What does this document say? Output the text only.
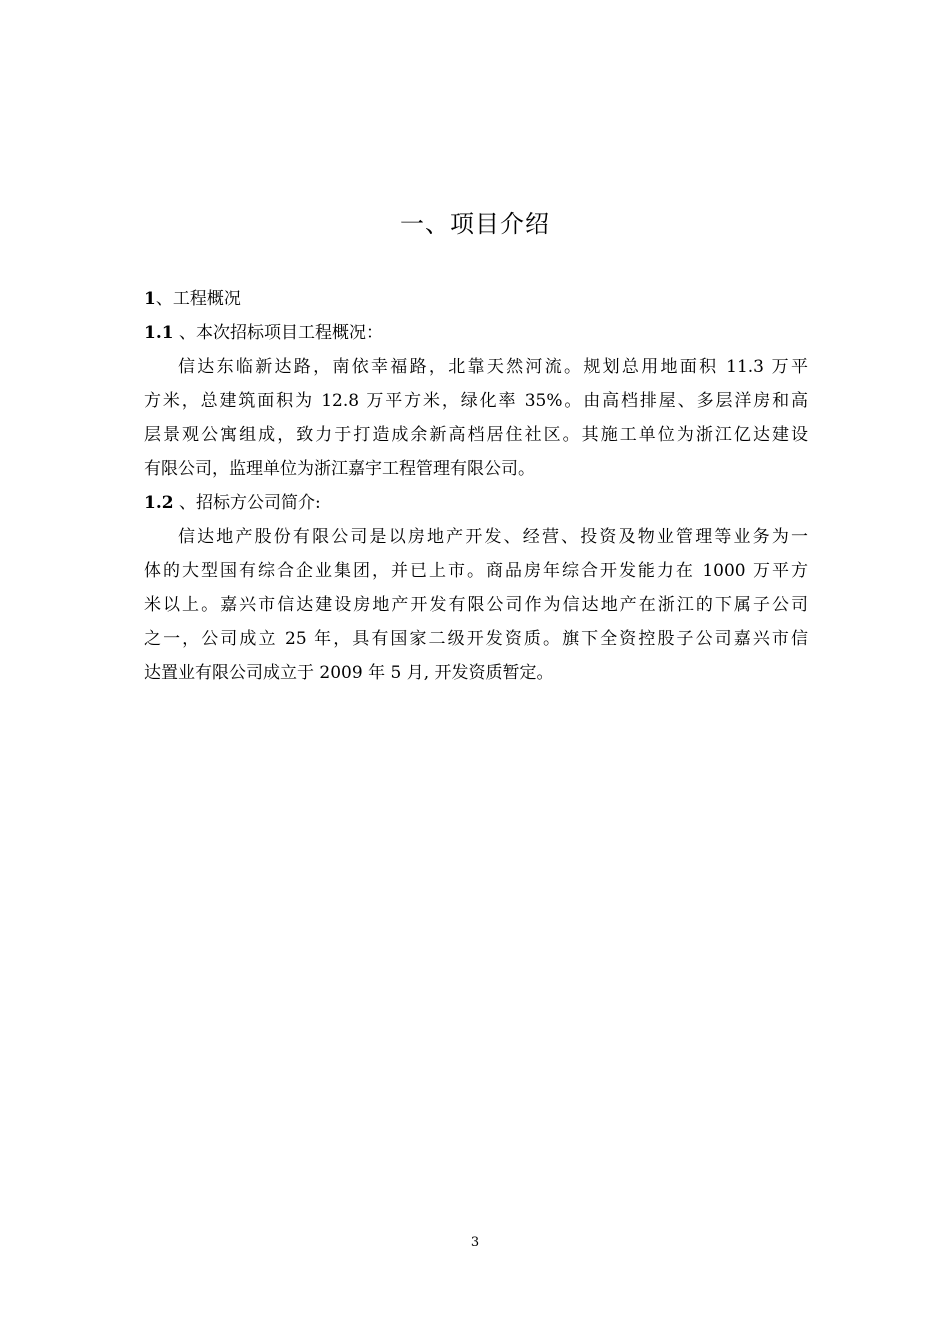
一、项目介绍
1、工程概况
1.1 、本次招标项目工程概况：
信达东临新达路，南依幸福路，北靠天然河流。规划总用地面积 11.3 万平
方米，总建筑面积为 12.8 万平方米，绿化率 35%。由高档排屋、多层洋房和高
层景观公寓组成，致力于打造成余新高档居住社区。其施工单位为浙江亿达建设
有限公司，监理单位为浙江嘉宇工程管理有限公司。
1.2 、招标方公司简介:
信达地产股份有限公司是以房地产开发、经营、投资及物业管理等业务为一
体的大型国有综合企业集团，并已上市。商品房年综合开发能力在 1000 万平方
米以上。嘉兴市信达建设房地产开发有限公司作为信达地产在浙江的下属子公司
之一，公司成立 25 年，具有国家二级开发资质。旗下全资控股子公司嘉兴市信
达置业有限公司成立于 2009 年 5 月, 开发资质暂定。
3
